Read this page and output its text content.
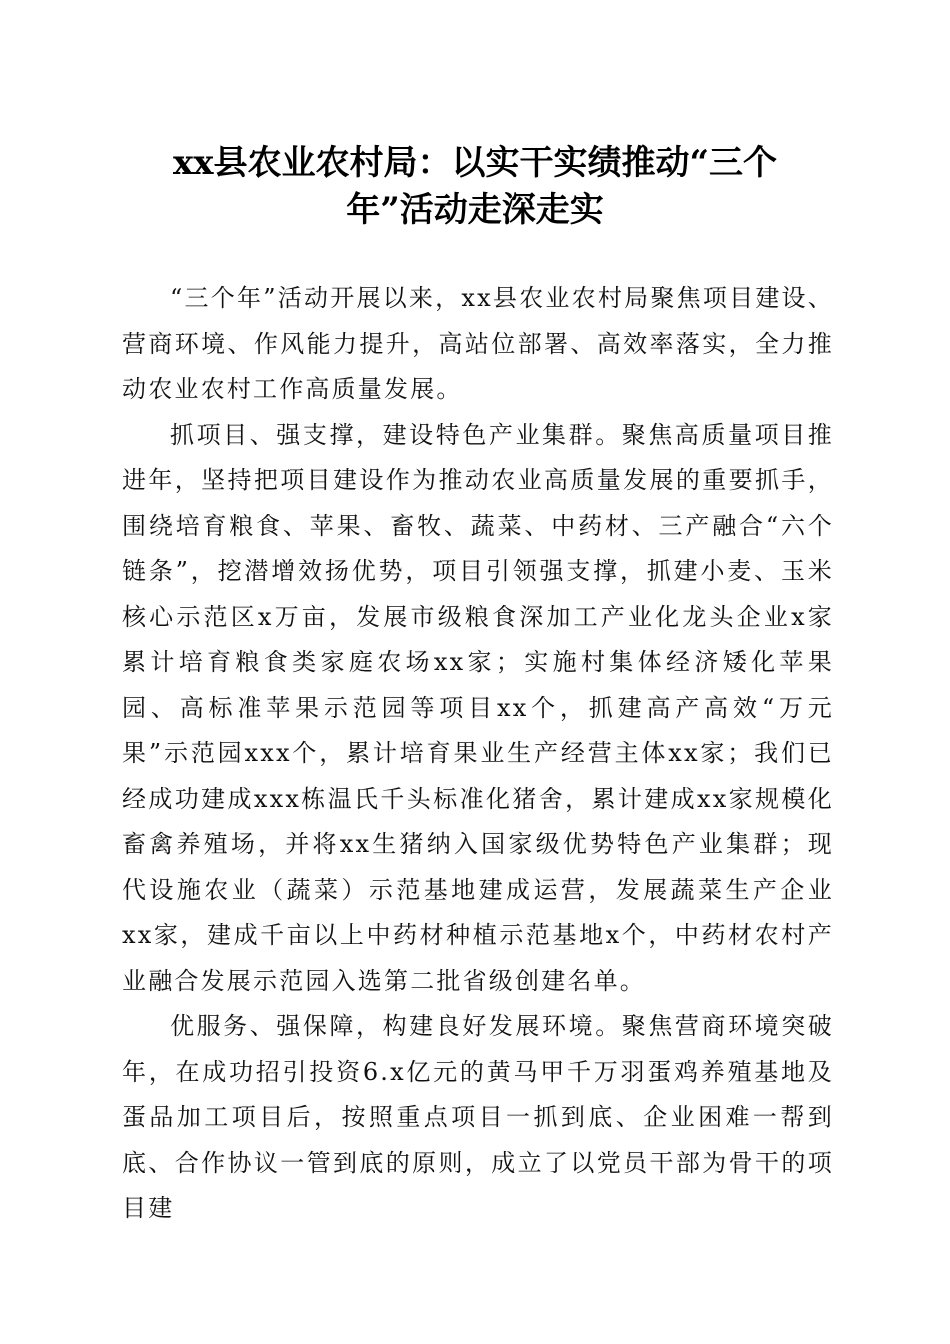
xx县农业农村局：以实干实绩推动“三个
年”活动走深走实

“三个年”活动开展以来，xx县农业农村局聚焦项目建设、营商环境、作风能力提升，高站位部署、高效率落实，全力推动农业农村工作高质量发展。

抓项目、强支撑，建设特色产业集群。聚焦高质量项目推进年，坚持把项目建设作为推动农业高质量发展的重要抓手，围绕培育粮食、苹果、畜牧、蔬菜、中药材、三产融合“六个链条”，挖潜增效扬优势，项目引领强支撑，抓建小麦、玉米核心示范区x万亩，发展市级粮食深加工产业化龙头企业x家累计培育粮食类家庭农场xx家；实施村集体经济矮化苹果园、高标准苹果示范园等项目xx个，抓建高产高效“万元果”示范园xxx个，累计培育果业生产经营主体xx家；我们已经成功建成xxx栋温氏千头标准化猪舍，累计建成xx家规模化畜禽养殖场，并将xx生猪纳入国家级优势特色产业集群；现代设施农业（蔬菜）示范基地建成运营，发展蔬菜生产企业xx家，建成千亩以上中药材种植示范基地x个，中药材农村产业融合发展示范园入选第二批省级创建名单。

优服务、强保障，构建良好发展环境。聚焦营商环境突破年，在成功招引投资6.x亿元的黄马甲千万羽蛋鸡养殖基地及蛋品加工项目后，按照重点项目一抓到底、企业困难一帮到底、合作协议一管到底的原则，成立了以党员干部为骨干的项目建
